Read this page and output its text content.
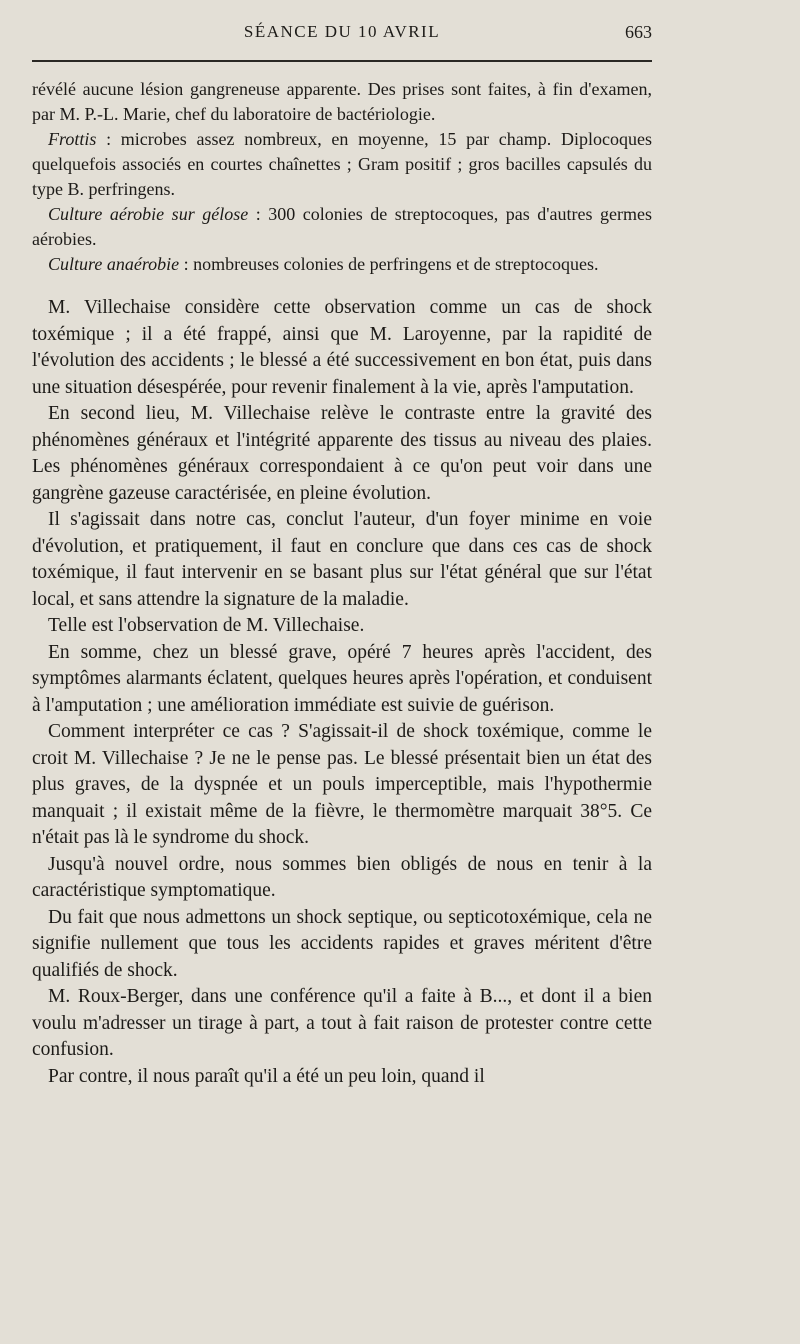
SÉANCE DU 10 AVRIL	663

révélé aucune lésion gangreneuse apparente. Des prises sont faites, à fin d'examen, par M. P.-L. Marie, chef du laboratoire de bactériologie.

Frottis : microbes assez nombreux, en moyenne, 15 par champ. Diplocoques quelquefois associés en courtes chaînettes ; Gram positif ; gros bacilles capsulés du type B. perfringens.

Culture aérobie sur gélose : 300 colonies de streptocoques, pas d'autres germes aérobies.

Culture anaérobie : nombreuses colonies de perfringens et de streptocoques.

M. Villechaise considère cette observation comme un cas de shock toxémique ; il a été frappé, ainsi que M. Laroyenne, par la rapidité de l'évolution des accidents ; le blessé a été successivement en bon état, puis dans une situation désespérée, pour revenir finalement à la vie, après l'amputation.

En second lieu, M. Villechaise relève le contraste entre la gravité des phénomènes généraux et l'intégrité apparente des tissus au niveau des plaies. Les phénomènes généraux correspondaient à ce qu'on peut voir dans une gangrène gazeuse caractérisée, en pleine évolution.

Il s'agissait dans notre cas, conclut l'auteur, d'un foyer minime en voie d'évolution, et pratiquement, il faut en conclure que dans ces cas de shock toxémique, il faut intervenir en se basant plus sur l'état général que sur l'état local, et sans attendre la signature de la maladie.

Telle est l'observation de M. Villechaise.

En somme, chez un blessé grave, opéré 7 heures après l'accident, des symptômes alarmants éclatent, quelques heures après l'opération, et conduisent à l'amputation ; une amélioration immédiate est suivie de guérison.

Comment interpréter ce cas ? S'agissait-il de shock toxémique, comme le croit M. Villechaise ? Je ne le pense pas. Le blessé présentait bien un état des plus graves, de la dyspnée et un pouls imperceptible, mais l'hypothermie manquait ; il existait même de la fièvre, le thermomètre marquait 38°5. Ce n'était pas là le syndrome du shock.

Jusqu'à nouvel ordre, nous sommes bien obligés de nous en tenir à la caractéristique symptomatique.

Du fait que nous admettons un shock septique, ou septicotoxémique, cela ne signifie nullement que tous les accidents rapides et graves méritent d'être qualifiés de shock.

M. Roux-Berger, dans une conférence qu'il a faite à B..., et dont il a bien voulu m'adresser un tirage à part, a tout à fait raison de protester contre cette confusion.

Par contre, il nous paraît qu'il a été un peu loin, quand il
